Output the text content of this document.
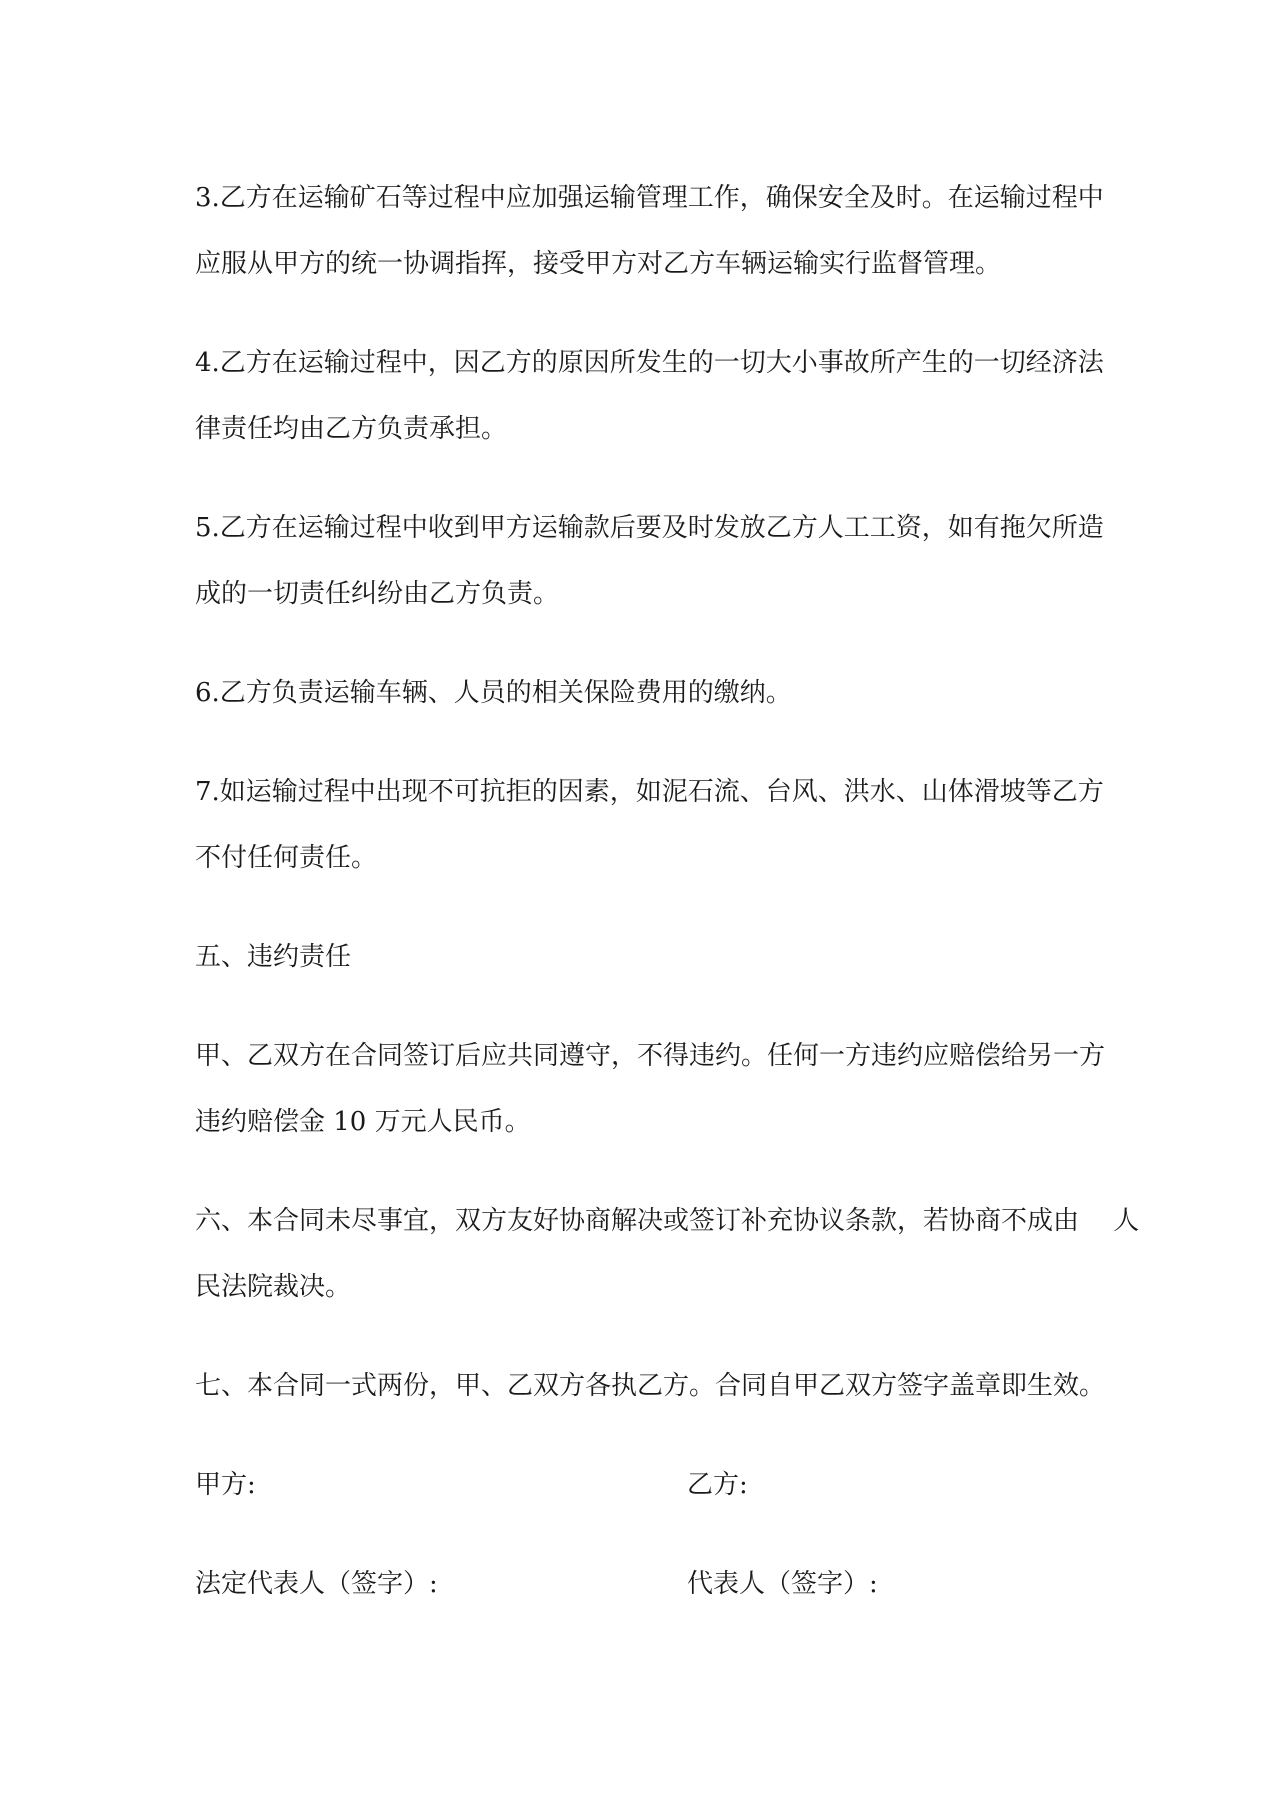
3.乙方在运输矿石等过程中应加强运输管理工作，确保安全及时。在运输过程中
应服从甲方的统一协调指挥，接受甲方对乙方车辆运输实行监督管理。

4.乙方在运输过程中，因乙方的原因所发生的一切大小事故所产生的一切经济法
律责任均由乙方负责承担。

5.乙方在运输过程中收到甲方运输款后要及时发放乙方人工工资，如有拖欠所造
成的一切责任纠纷由乙方负责。

6.乙方负责运输车辆、人员的相关保险费用的缴纳。

7.如运输过程中出现不可抗拒的因素，如泥石流、台风、洪水、山体滑坡等乙方
不付任何责任。

五、违约责任

甲、乙双方在合同签订后应共同遵守，不得违约。任何一方违约应赔偿给另一方
违约赔偿金 10 万元人民币。

六、本合同未尽事宜，双方友好协商解决或签订补充协议条款，若协商不成由　 人
民法院裁决。

七、本合同一式两份，甲、乙双方各执乙方。合同自甲乙双方签字盖章即生效。

甲方:	乙方:
法定代表人（签字）:	代表人（签字）:
